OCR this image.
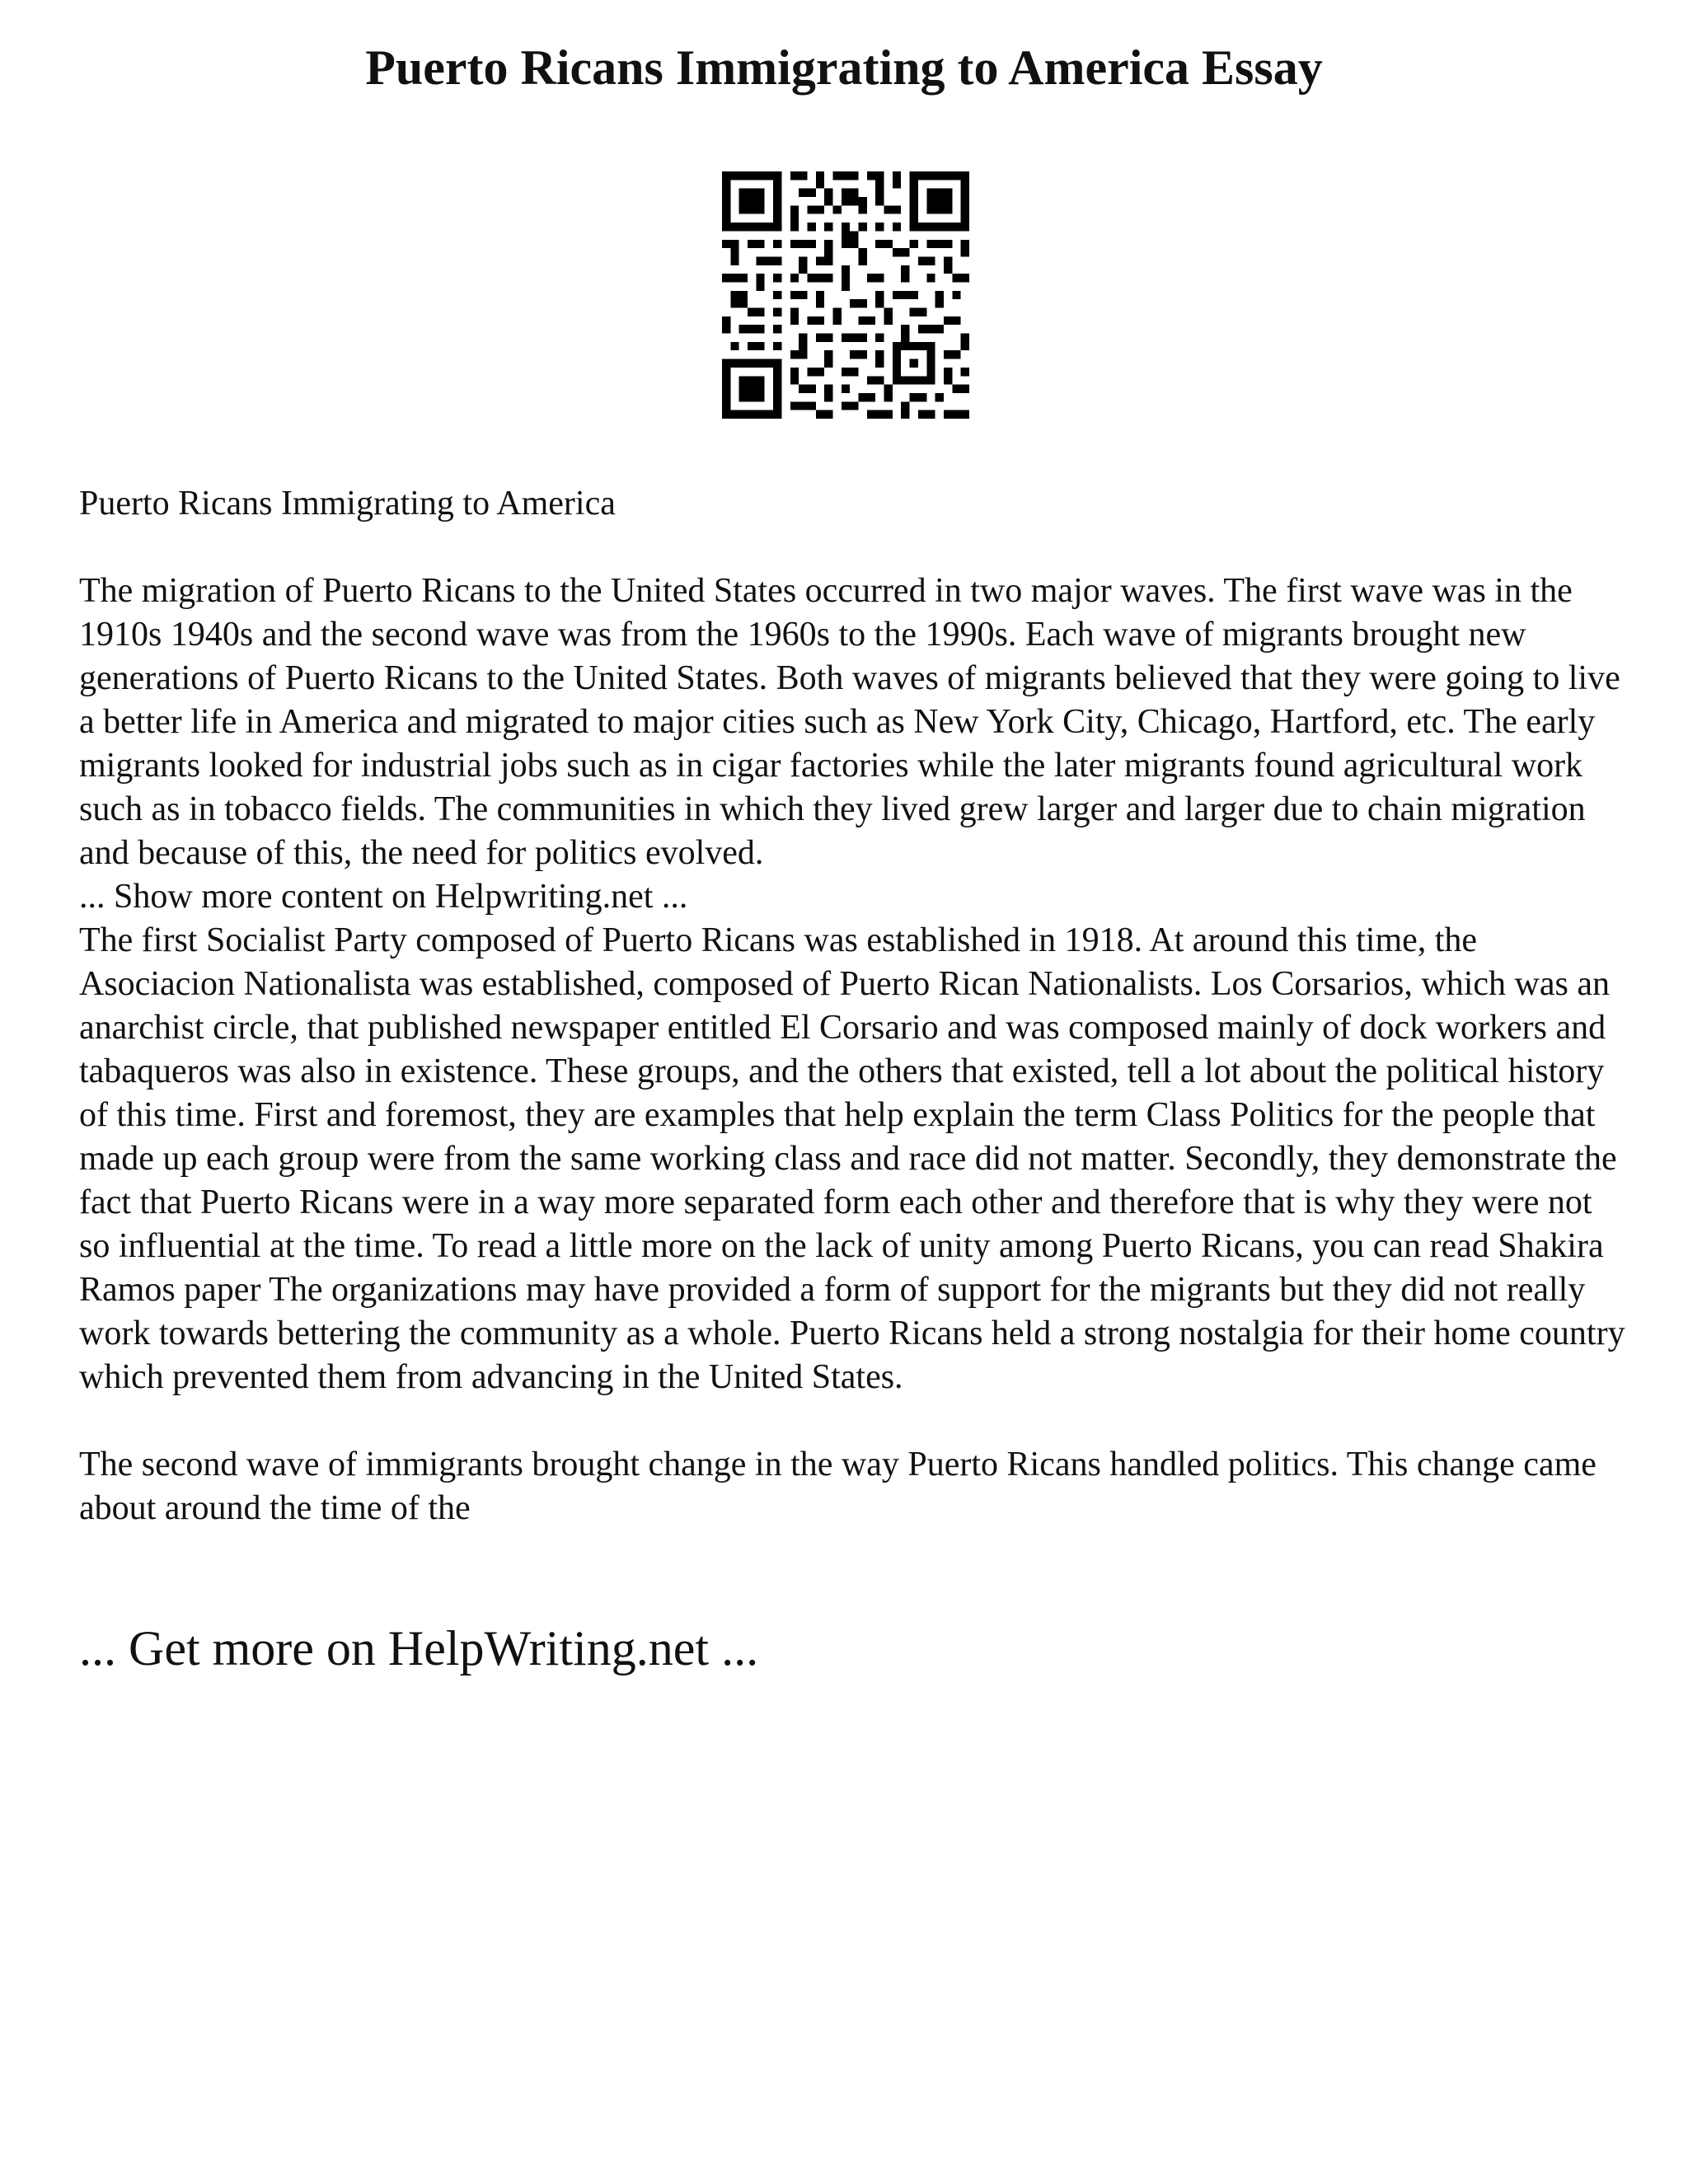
Puerto Ricans Immigrating to America Essay

Puerto Ricans Immigrating to America

The migration of Puerto Ricans to the United States occurred in two major waves. The first wave was in the 1910s 1940s and the second wave was from the 1960s to the 1990s. Each wave of migrants brought new generations of Puerto Ricans to the United States. Both waves of migrants believed that they were going to live a better life in America and migrated to major cities such as New York City, Chicago, Hartford, etc. The early migrants looked for industrial jobs such as in cigar factories while the later migrants found agricultural work such as in tobacco fields. The communities in which they lived grew larger and larger due to chain migration and because of this, the need for politics evolved.

... Show more content on Helpwriting.net ...

The first Socialist Party composed of Puerto Ricans was established in 1918. At around this time, the Asociacion Nationalista was established, composed of Puerto Rican Nationalists. Los Corsarios, which was an anarchist circle, that published newspaper entitled El Corsario and was composed mainly of dock workers and tabaqueros was also in existence. These groups, and the others that existed, tell a lot about the political history of this time. First and foremost, they are examples that help explain the term Class Politics for the people that made up each group were from the same working class and race did not matter. Secondly, they demonstrate the fact that Puerto Ricans were in a way more separated form each other and therefore that is why they were not so influential at the time. To read a little more on the lack of unity among Puerto Ricans, you can read Shakira Ramos paper The organizations may have provided a form of support for the migrants but they did not really work towards bettering the community as a whole. Puerto Ricans held a strong nostalgia for their home country which prevented them from advancing in the United States.

The second wave of immigrants brought change in the way Puerto Ricans handled politics. This change came about around the time of the

... Get more on HelpWriting.net ...
